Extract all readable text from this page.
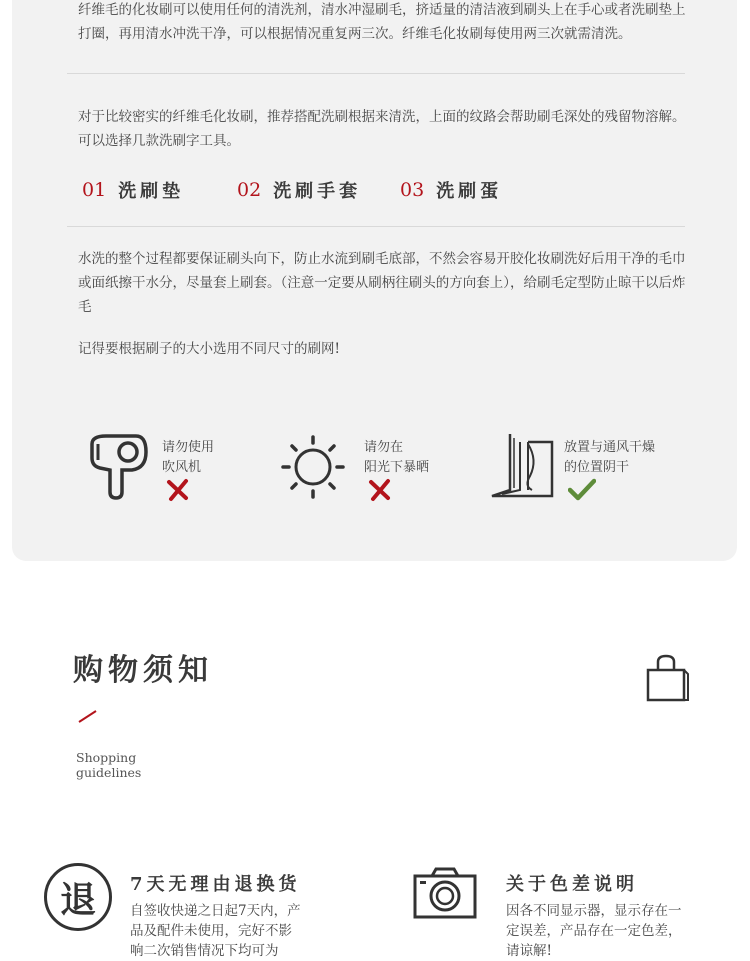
纤维毛的化妆刷可以使用任何的清洗剂，清水冲湿刷毛，挤适量的清洁液到刷头上在手心或者洗刷垫上打圈，再用清水冲洗干净，可以根据情况重复两三次。纤维毛化妆刷每使用两三次就需清洗。

对于比较密实的纤维毛化妆刷，推荐搭配洗刷根据来清洗，上面的纹路会帮助刷毛深处的残留物溶解。可以选择几款洗刷字工具。

01 洗刷垫	02 洗刷手套 03 洗刷蛋

水洗的整个过程都要保证刷头向下，防止水流到刷毛底部，不然会容易开胶化妆刷洗好后用干净的毛巾或面纸擦干水分，尽量套上刷套。（注意一定要从刷柄往刷头的方向套上），给刷毛定型防止晾干以后炸毛

记得要根据刷子的大小选用不同尺寸的刷网!

请勿使用
吹风机
请勿在
阳光下暴晒
放置与通风干燥
的位置阴干
购物须知
Shopping
guidelines
退	7天无理由退换货
自签收快递之日起7天内，产品及配件未使用，完好不影响二次销售情况下均可为
关于色差说明
因各不同显示器，显示存在一定误差，产品存在一定色差，请谅解!
